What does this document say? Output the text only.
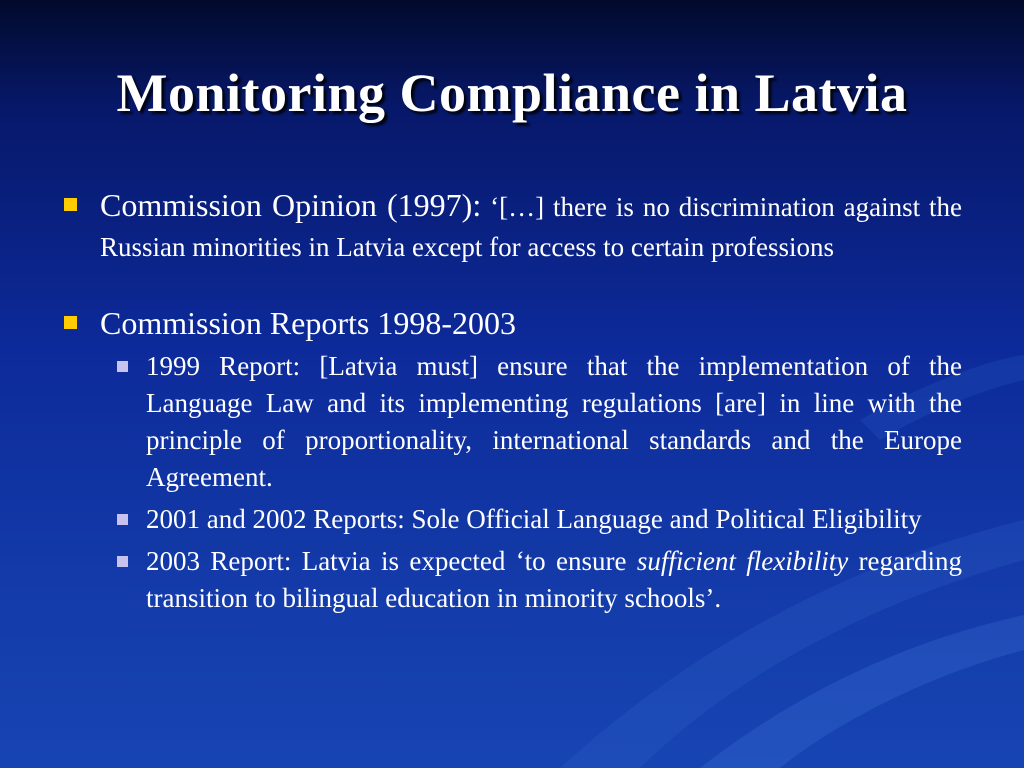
Monitoring Compliance in Latvia
Commission Opinion (1997): ‘[…] there is no discrimination against the Russian minorities in Latvia except for access to certain professions
Commission Reports 1998-2003
1999 Report: [Latvia must] ensure that the implementation of the Language Law and its implementing regulations [are] in line with the principle of proportionality, international standards and the Europe Agreement.
2001 and 2002 Reports: Sole Official Language and Political Eligibility
2003 Report: Latvia is expected ‘to ensure sufficient flexibility regarding transition to bilingual education in minority schools’.
